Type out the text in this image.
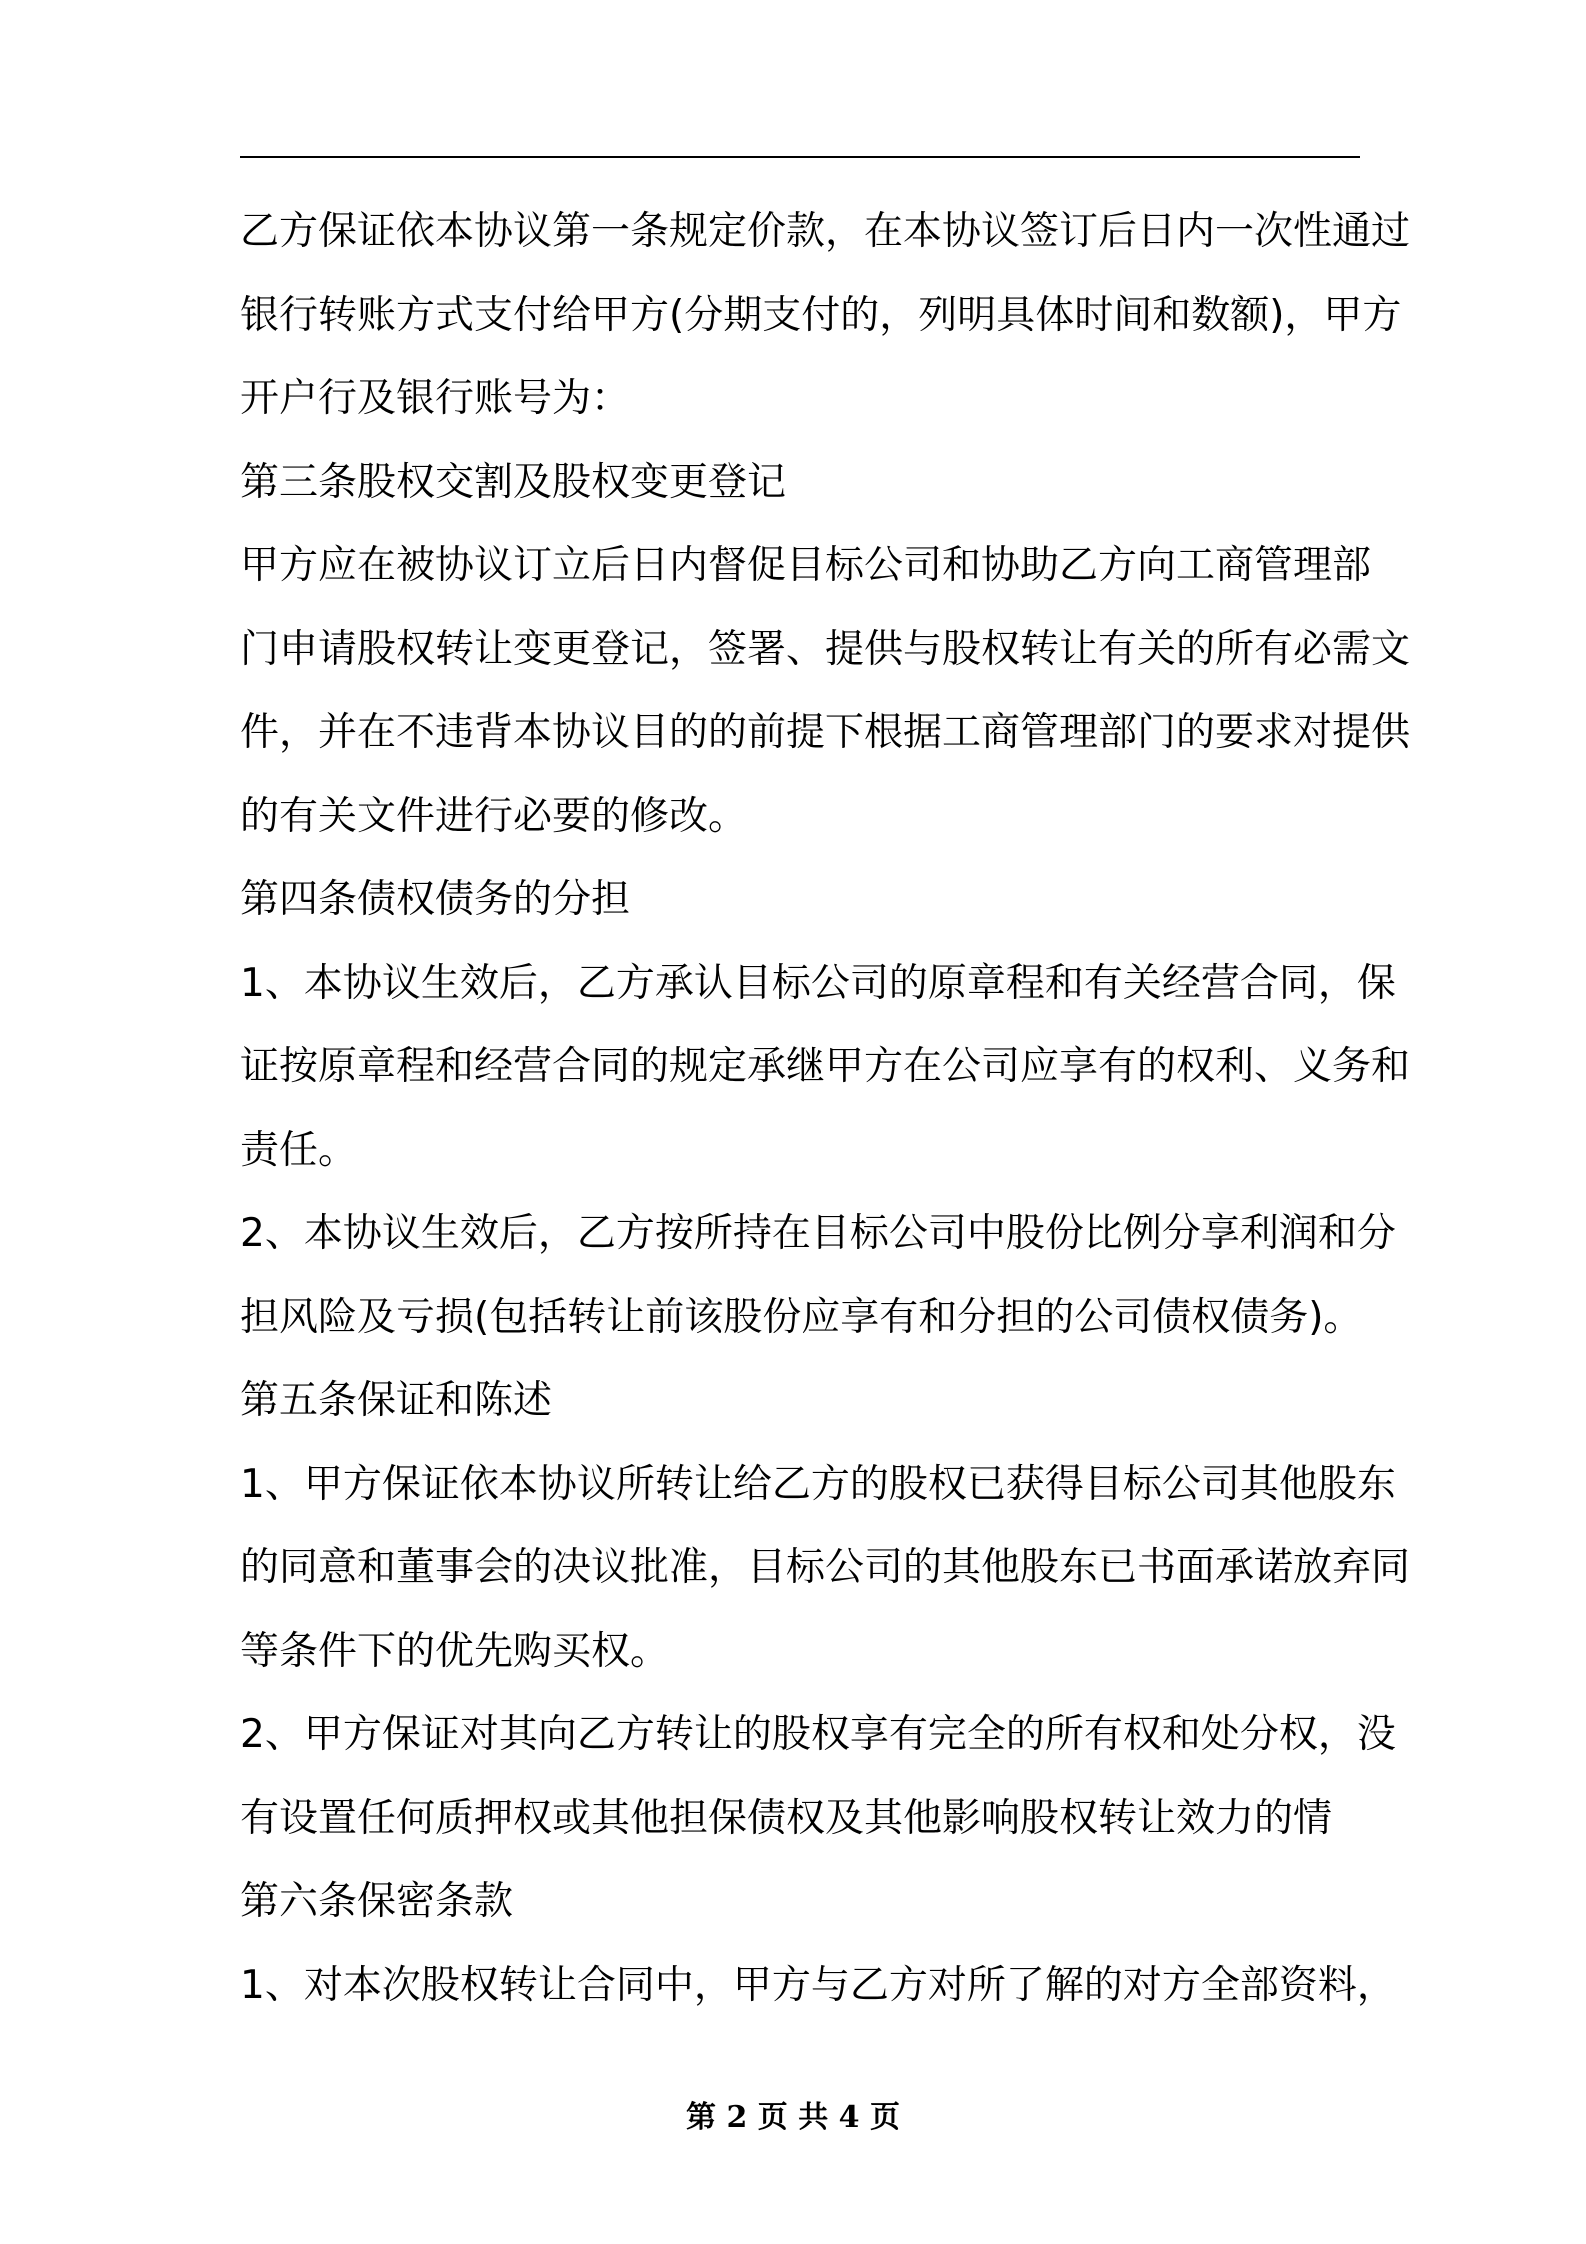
乙方保证依本协议第一条规定价款，在本协议签订后日内一次性通过
银行转账方式支付给甲方(分期支付的，列明具体时间和数额)，甲方
开户行及银行账号为：
第三条股权交割及股权变更登记
甲方应在被协议订立后日内督促目标公司和协助乙方向工商管理部
门申请股权转让变更登记，签署、提供与股权转让有关的所有必需文
件，并在不违背本协议目的的前提下根据工商管理部门的要求对提供
的有关文件进行必要的修改。
第四条债权债务的分担
1、本协议生效后，乙方承认目标公司的原章程和有关经营合同，保
证按原章程和经营合同的规定承继甲方在公司应享有的权利、义务和
责任。
2、本协议生效后，乙方按所持在目标公司中股份比例分享利润和分
担风险及亏损(包括转让前该股份应享有和分担的公司债权债务)。
第五条保证和陈述
1、甲方保证依本协议所转让给乙方的股权已获得目标公司其他股东
的同意和董事会的决议批准，目标公司的其他股东已书面承诺放弃同
等条件下的优先购买权。
2、甲方保证对其向乙方转让的股权享有完全的所有权和处分权，没
有设置任何质押权或其他担保债权及其他影响股权转让效力的情
第六条保密条款
1、对本次股权转让合同中，甲方与乙方对所了解的对方全部资料，
第 2 页 共 4 页
